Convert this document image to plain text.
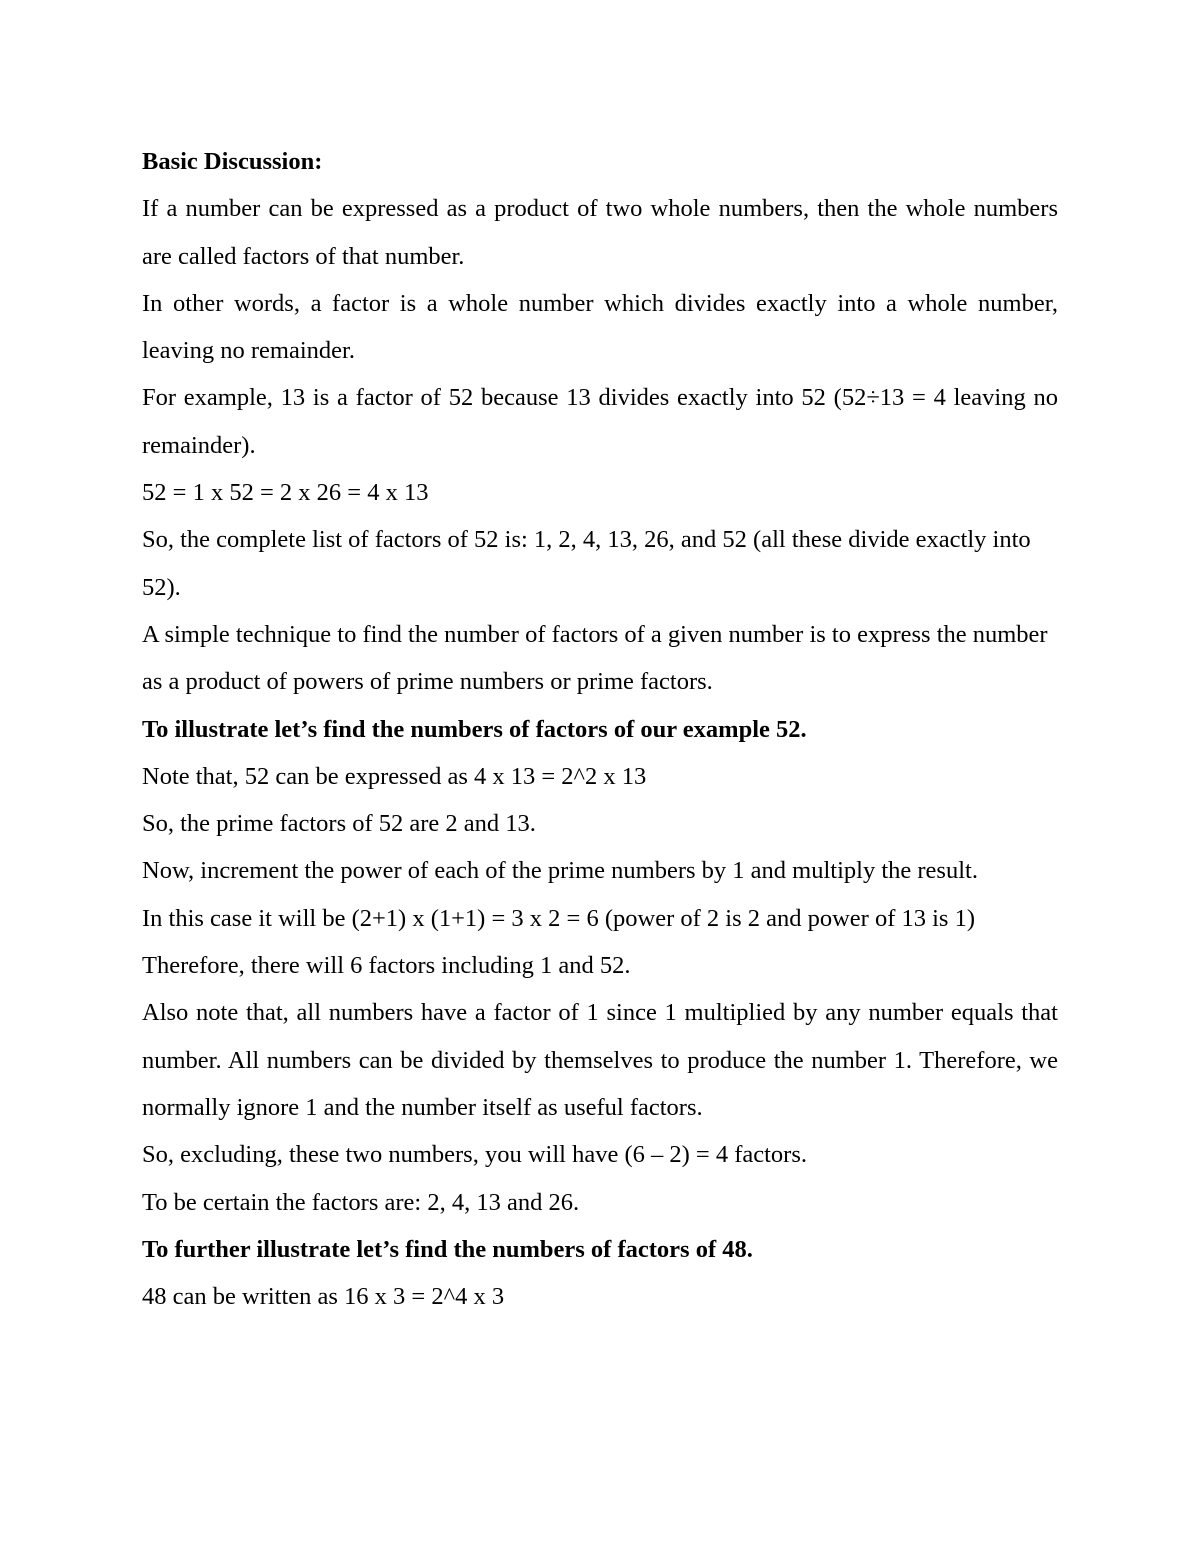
Basic Discussion:

If a number can be expressed as a product of two whole numbers, then the whole numbers are called factors of that number.

In other words, a factor is a whole number which divides exactly into a whole number, leaving no remainder.

For example, 13 is a factor of 52 because 13 divides exactly into 52 (52÷13 = 4 leaving no remainder).

52 = 1 x 52 = 2 x 26 = 4 x 13

So, the complete list of factors of 52 is: 1, 2, 4, 13, 26, and 52 (all these divide exactly into 52).

A simple technique to find the number of factors of a given number is to express the number as a product of powers of prime numbers or prime factors.

To illustrate let’s find the numbers of factors of our example 52.

Note that, 52 can be expressed as 4 x 13 = 2^2 x 13

So, the prime factors of 52 are 2 and 13.

Now, increment the power of each of the prime numbers by 1 and multiply the result.

In this case it will be (2+1) x (1+1) = 3 x 2 = 6 (power of 2 is 2 and power of 13 is 1)

Therefore, there will 6 factors including 1 and 52.

Also note that, all numbers have a factor of 1 since 1 multiplied by any number equals that number. All numbers can be divided by themselves to produce the number 1. Therefore, we normally ignore 1 and the number itself as useful factors.

So, excluding, these two numbers, you will have (6 – 2) = 4 factors.

To be certain the factors are: 2, 4, 13 and 26.

To further illustrate let’s find the numbers of factors of 48.

48 can be written as 16 x 3 = 2^4 x 3
